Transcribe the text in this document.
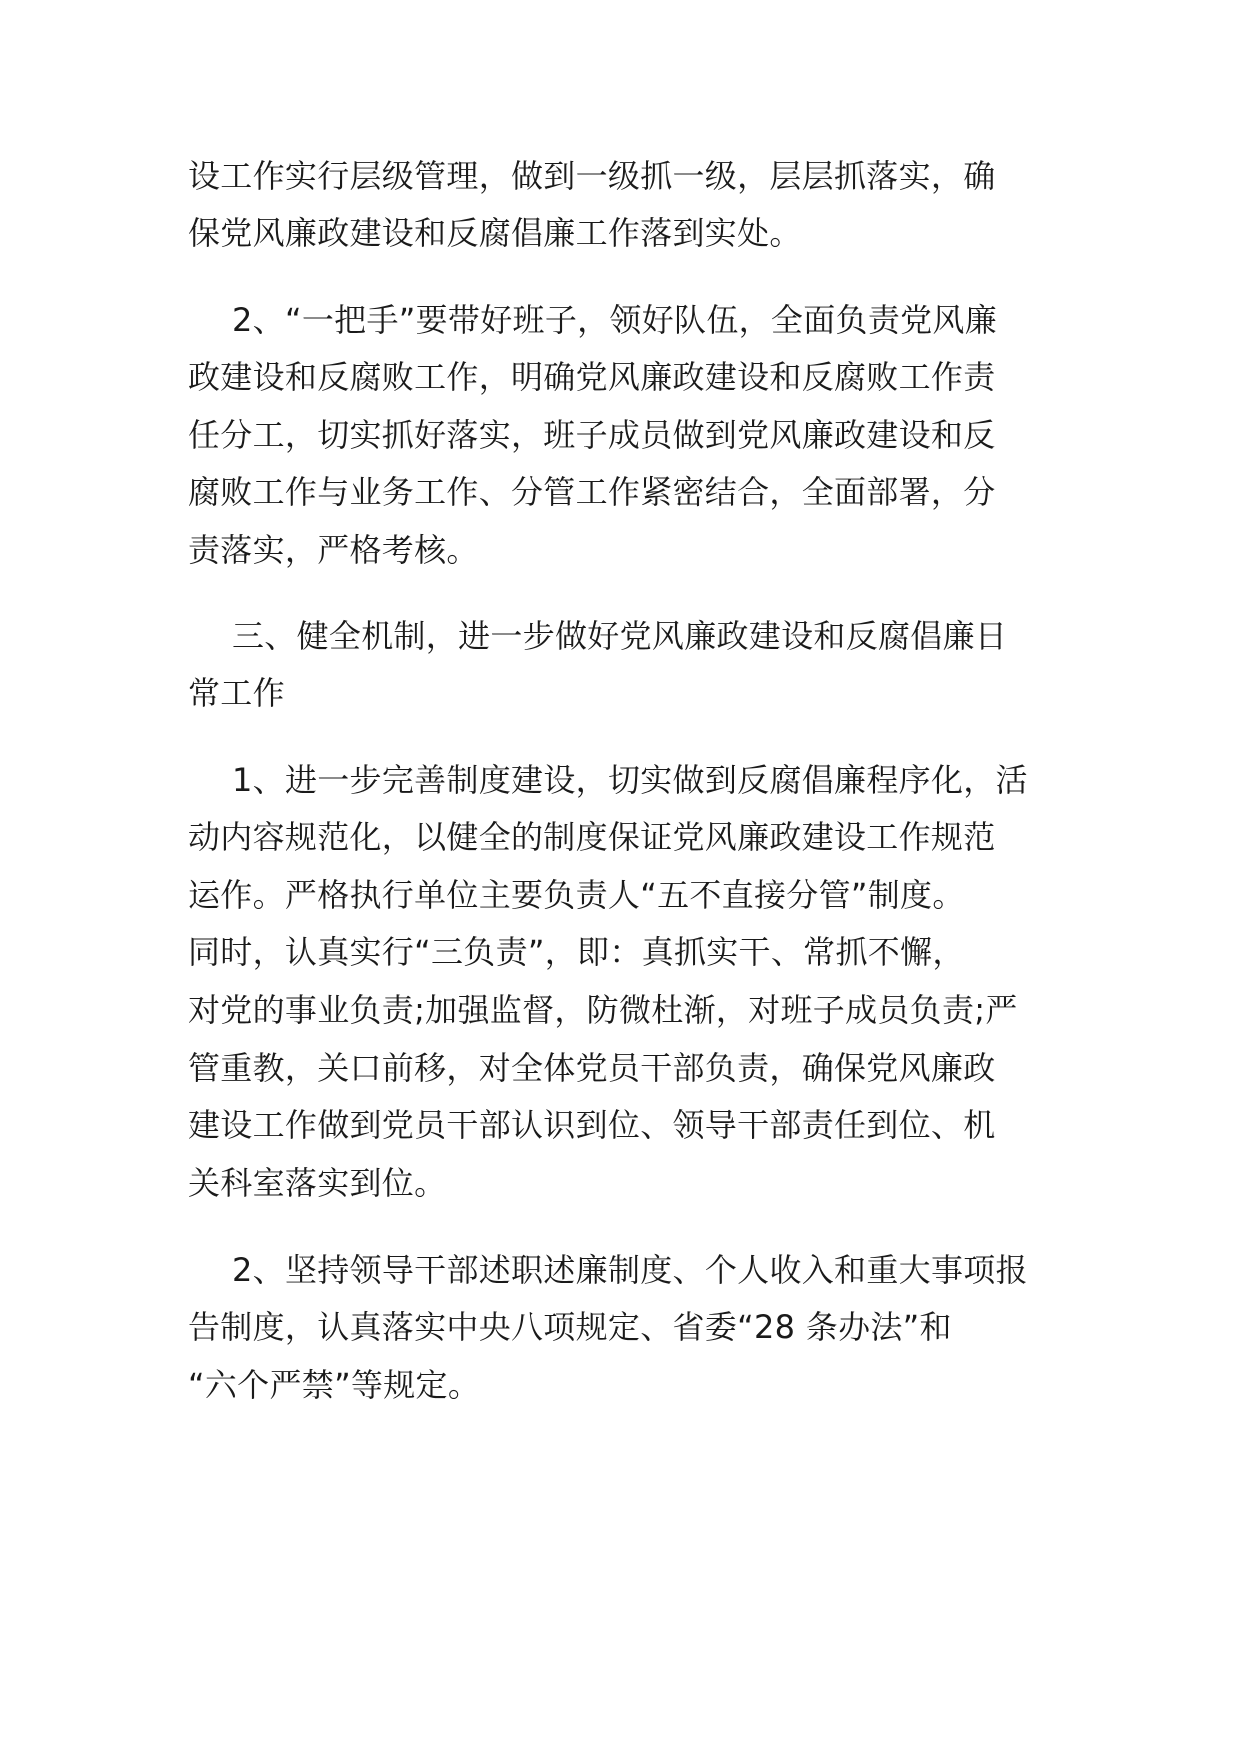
设工作实行层级管理，做到一级抓一级，层层抓落实，确
保党风廉政建设和反腐倡廉工作落到实处。
2、“一把手”要带好班子，领好队伍，全面负责党风廉
政建设和反腐败工作，明确党风廉政建设和反腐败工作责
任分工，切实抓好落实，班子成员做到党风廉政建设和反
腐败工作与业务工作、分管工作紧密结合，全面部署，分
责落实，严格考核。
三、健全机制，进一步做好党风廉政建设和反腐倡廉日
常工作
1、进一步完善制度建设，切实做到反腐倡廉程序化，活
动内容规范化，以健全的制度保证党风廉政建设工作规范
运作。严格执行单位主要负责人“五不直接分管”制度。
同时，认真实行“三负责”，即：真抓实干、常抓不懈，
对党的事业负责;加强监督，防微杜渐，对班子成员负责;严
管重教，关口前移，对全体党员干部负责，确保党风廉政
建设工作做到党员干部认识到位、领导干部责任到位、机
关科室落实到位。
2、坚持领导干部述职述廉制度、个人收入和重大事项报
告制度，认真落实中央八项规定、省委“28 条办法”和
“六个严禁”等规定。
